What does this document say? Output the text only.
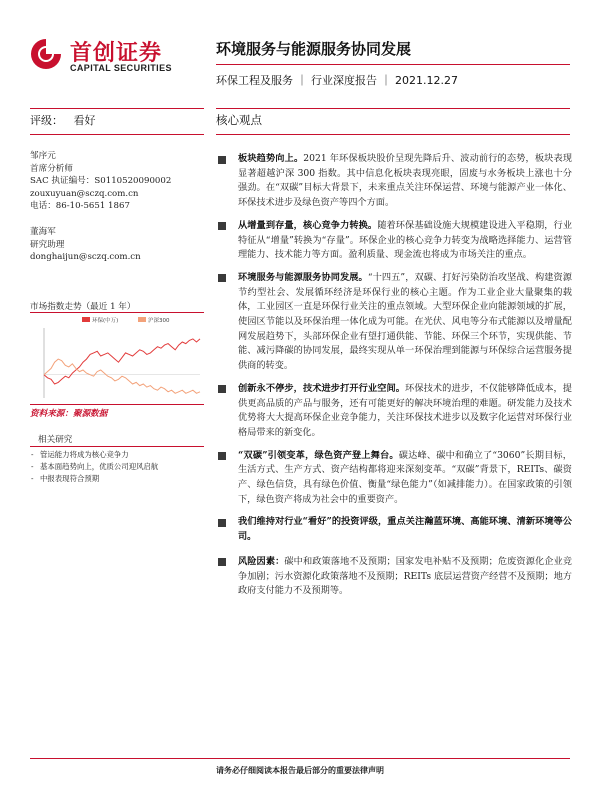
首创证券
CAPITAL SECURITIES
环境服务与能源服务协同发展
环保工程及服务 ｜ 行业深度报告 ｜ 2021.12.27
评级： 看好	核心观点
邹序元
首席分析师
SAC 执证编号：S0110520090002
zouxuyuan@sczq.com.cn
电话：86-10-5651 1867
董海军
研究助理
donghaijun@sczq.com.cn
市场指数走势（最近 1 年）
环保(中万)	沪深300
资料来源：聚源数据
相关研究
- 管运能力将成为核心竞争力
- 基本面趋势向上，优质公司迎风启航
- 中报表现符合预期
板块趋势向上。2021 年环保板块股价呈现先降后升、波动前行的态势，板块表现显著超越沪深 300 指数。其中信息化板块表现亮眼，固废与水务板块上涨也十分强劲。在“双碳”目标大背景下，未来重点关注环保运营、环境与能源产业一体化、环保技术进步及绿色资产等四个方面。
从增量到存量，核心竞争力转换。随着环保基础设施大规模建设进入平稳期，行业特征从“增量”转换为“存量”。环保企业的核心竞争力转变为战略选择能力、运营管理能力、技术能力等方面。盈利质量、现金流也将成为市场关注的重点。
环境服务与能源服务协同发展。“十四五”，双碳、打好污染防治攻坚战、构建资源节约型社会、发展循环经济是环保行业的核心主题。作为工业企业大量聚集的载体，工业园区一直是环保行业关注的重点领域。大型环保企业向能源领域的扩展，使园区节能以及环保治理一体化成为可能。在光伏、风电等分布式能源以及增量配网发展趋势下，头部环保企业有望打通供能、节能、环保三个环节，实现供能、节能、减污降碳的协同发展，最终实现从单一环保治理到能源与环保综合运营服务提供商的转变。
创新永不停步，技术进步打开行业空间。环保技术的进步，不仅能够降低成本，提供更高品质的产品与服务，还有可能更好的解决环境治理的难题。研发能力及技术优势将大大提高环保企业竞争能力，关注环保技术进步以及数字化运营对环保行业格局带来的新变化。
“双碳”引领变革，绿色资产登上舞台。碳达峰、碳中和确立了“3060”长期目标，生活方式、生产方式、资产结构都将迎来深刻变革。“双碳”背景下，REITs、碳资产、绿色信贷，具有绿色价值、衡量“绿色能力”（如减排能力）。在国家政策的引领下，绿色资产将成为社会中的重要资产。
我们维持对行业“看好”的投资评级，重点关注瀚蓝环境、高能环境、清新环境等公司。
风险因素：碳中和政策落地不及预期；国家发电补贴不及预期；危废资源化企业竞争加剧；污水资源化政策落地不及预期；REITs 底层运营资产经营不及预期；地方政府支付能力不及预期等。
请务必仔细阅读本报告最后部分的重要法律声明
